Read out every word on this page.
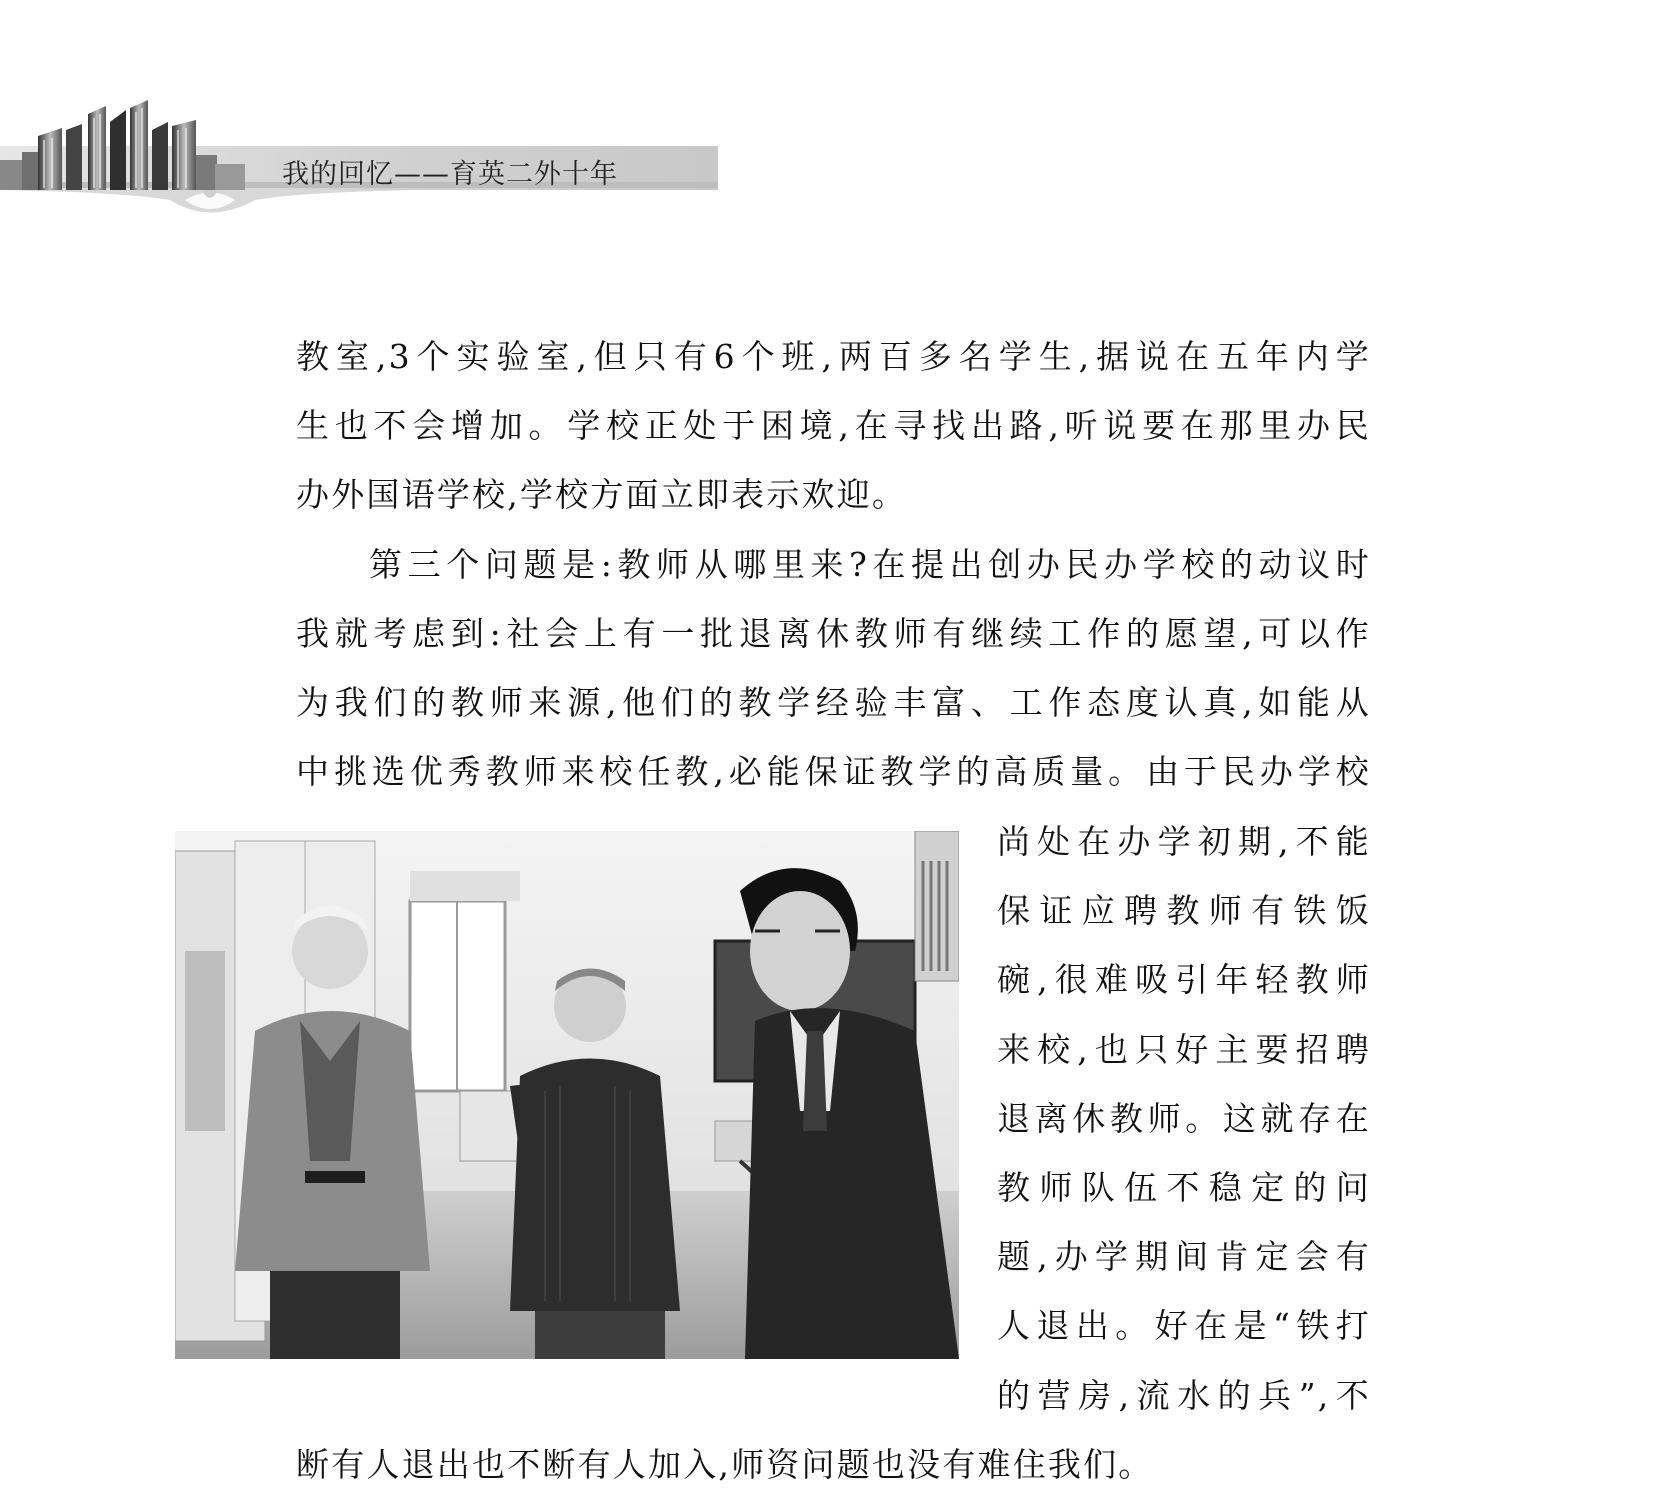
我的回忆——育英二外十年
教室,3个实验室,但只有6个班,两百多名学生,据说在五年内学
生也不会增加。学校正处于困境,在寻找出路,听说要在那里办民
办外国语学校,学校方面立即表示欢迎。
第三个问题是:教师从哪里来?在提出创办民办学校的动议时
我就考虑到:社会上有一批退离休教师有继续工作的愿望,可以作
为我们的教师来源,他们的教学经验丰富、工作态度认真,如能从
中挑选优秀教师来校任教,必能保证教学的高质量。由于民办学校
尚处在办学初期,不能
保证应聘教师有铁饭
碗,很难吸引年轻教师
来校,也只好主要招聘
退离休教师。这就存在
教师队伍不稳定的问
题,办学期间肯定会有
人退出。好在是“铁打
的营房,流水的兵”,不
断有人退出也不断有人加入,师资问题也没有难住我们。
